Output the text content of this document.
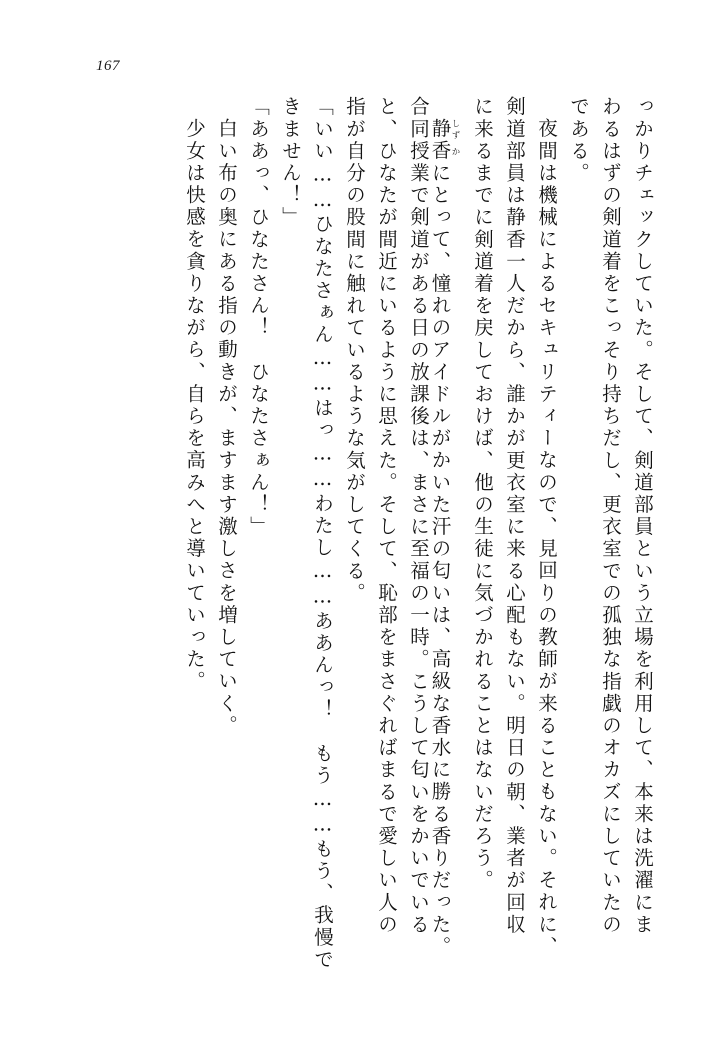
167
っかりチェックしていた。そして、剣道部員という立場を利用して、本来は洗濯にま
わるはずの剣道着をこっそり持ちだし、更衣室での孤独な指戯のオカズにしていたの
である。
夜間は機械によるセキュリティーなので、見回りの教師が来ることもない。それに、
剣道部員は静香一人だから、誰かが更衣室に来る心配もない。明日の朝、業者が回収
に来るまでに剣道着を戻しておけば、他の生徒に気づかれることはないだろう。
静しず香かにとって、憧れのアイドルがかいた汗の匂いは、高級な香水に勝る香りだった。
合同授業で剣道がある日の放課後は、まさに至福の一時。こうして匂いをかいでいる
と、ひなたが間近にいるように思えた。そして、恥部をまさぐればまるで愛しい人の
指が自分の股間に触れているような気がしてくる。
「いい……ひなたさぁん……はっ……わたし……ああんっ！　もう……もう、我慢で
きません！」
「ああっ、ひなたさん！　ひなたさぁん！」
白い布の奥にある指の動きが、ますます激しさを増していく。
少女は快感を貪りながら、自らを高みへと導いていった。
